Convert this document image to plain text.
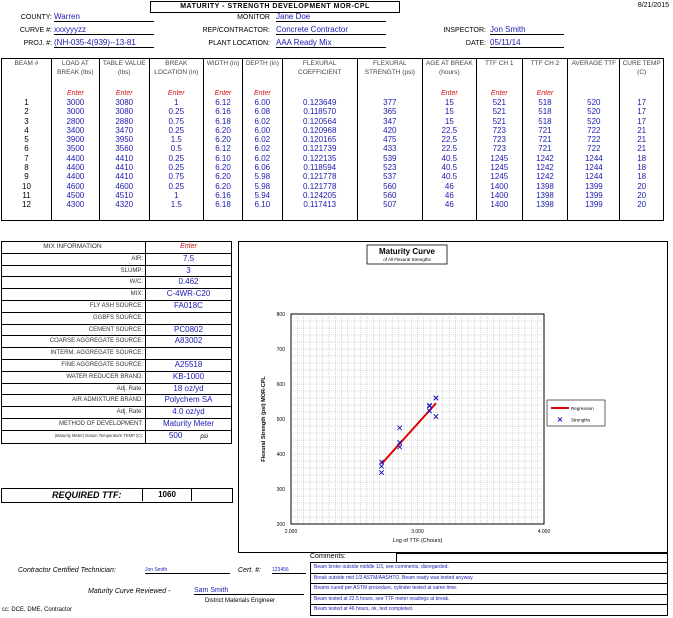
MATURITY - STRENGTH DEVELOPMENT MOR-CPL	8/21/2015
COUNTY: Warren
CURVE #: xxxyyyzz
PROJ. #: (NH-035-4(939)--13-81
MONITOR Jane Doe
REP/CONTRACTOR: Concrete Contractor
PLANT LOCATION: AAA Ready Mix
INSPECTOR: Jon Smith
DATE: 05/11/14
BEAM #	LOAD AT BREAK (lbs)	TABLE VALUE (lbs)	BREAK LOCATION (in)	WIDTH (in)	DEPTH (in)	FLEXURAL COEFFICIENT	FLEXURAL STRENGTH (psi)	AGE AT BREAK (hours)	TTF CH 1	TTF CH 2	AVERAGE TTF	CURE TEMP (C)
	Enter	Enter	Enter	Enter	Enter			Enter	Enter	Enter		
1	3000	3080	1	6.12	6.00	0.123649	377	15	521	518	520	17
2	3000	3080	0.25	6.16	6.08	0.118570	365	15	521	518	520	17
3	2800	2880	0.75	6.18	6.02	0.120564	347	15	521	518	520	17
4	3400	3470	0.25	6.20	6.00	0.120968	420	22.5	723	721	722	21
5	3900	3950	1.5	6.20	6.02	0.120165	475	22.5	723	721	722	21
6	3500	3560	0.5	6.12	6.02	0.121739	433	22.5	723	721	722	21
7	4400	4410	0.25	6.10	6.02	0.122135	539	40.5	1245	1242	1244	18
8	4400	4410	0.25	6.20	6.06	0.118594	523	40.5	1245	1242	1244	18
9	4400	4410	0.75	6.20	5.98	0.121778	537	40.5	1245	1242	1244	18
10	4600	4600	0.25	6.20	5.98	0.121778	560	46	1400	1398	1399	20
11	4500	4510	1	6.16	5.94	0.124205	560	46	1400	1398	1399	20
12	4300	4320	1.5	6.18	6.10	0.117413	507	46	1400	1398	1399	20

MIX INFORMATION	Enter
AIR:	7.5
SLUMP:	3
W/C:	0.462
MIX:	C-4WR-C20
FLY ASH SOURCE:	FA018C
GGBFS SOURCE:	
CEMENT SOURCE:	PC0802
COARSE AGGREGATE SOURCE:	A83002
INTERM. AGGREGATE SOURCE:	
FINE AGGREGATE SOURCE:	A25518
WATER REDUCER BRAND:	KB-1000
Adj. Rate:	18 oz/yd
AIR ADMIXTURE BRAND:	Polychem SA
Adj. Rate:	4.0 oz/yd
METHOD OF DEVELOPMENT:	Maturity Meter
(Maturity Meter) Datum Temperature TEMP (C):	500 psi
REQUIRED TTF:	1060
Maturity Curve
of All Flexural Strengths
2.000	3.000	4.000
200
300
400
500
600
700
800
Log of TTF (Chours)
Flexural Strength (psi) MOR-CPL	Regression
Strengths
Contractor Certified Technician:	Jon Smith	Cert. #: 123456
Maturity Curve Reviewed -	Sam Smith
District Materials Engineer
cc: DCE, DME, Contractor
Comments:
Beam broke outside middle 1/3, see comments, disregarded.
Break outside mid 1/3 ASTM/AASHTO, Beam ready was tested anyway.
Beams cured per ASTM procedure, cylinder tested at same time.
Beam tested at 22.5 hours, see TTF meter readings at break.
Beam tested at 46 hours, ok, test completed.
